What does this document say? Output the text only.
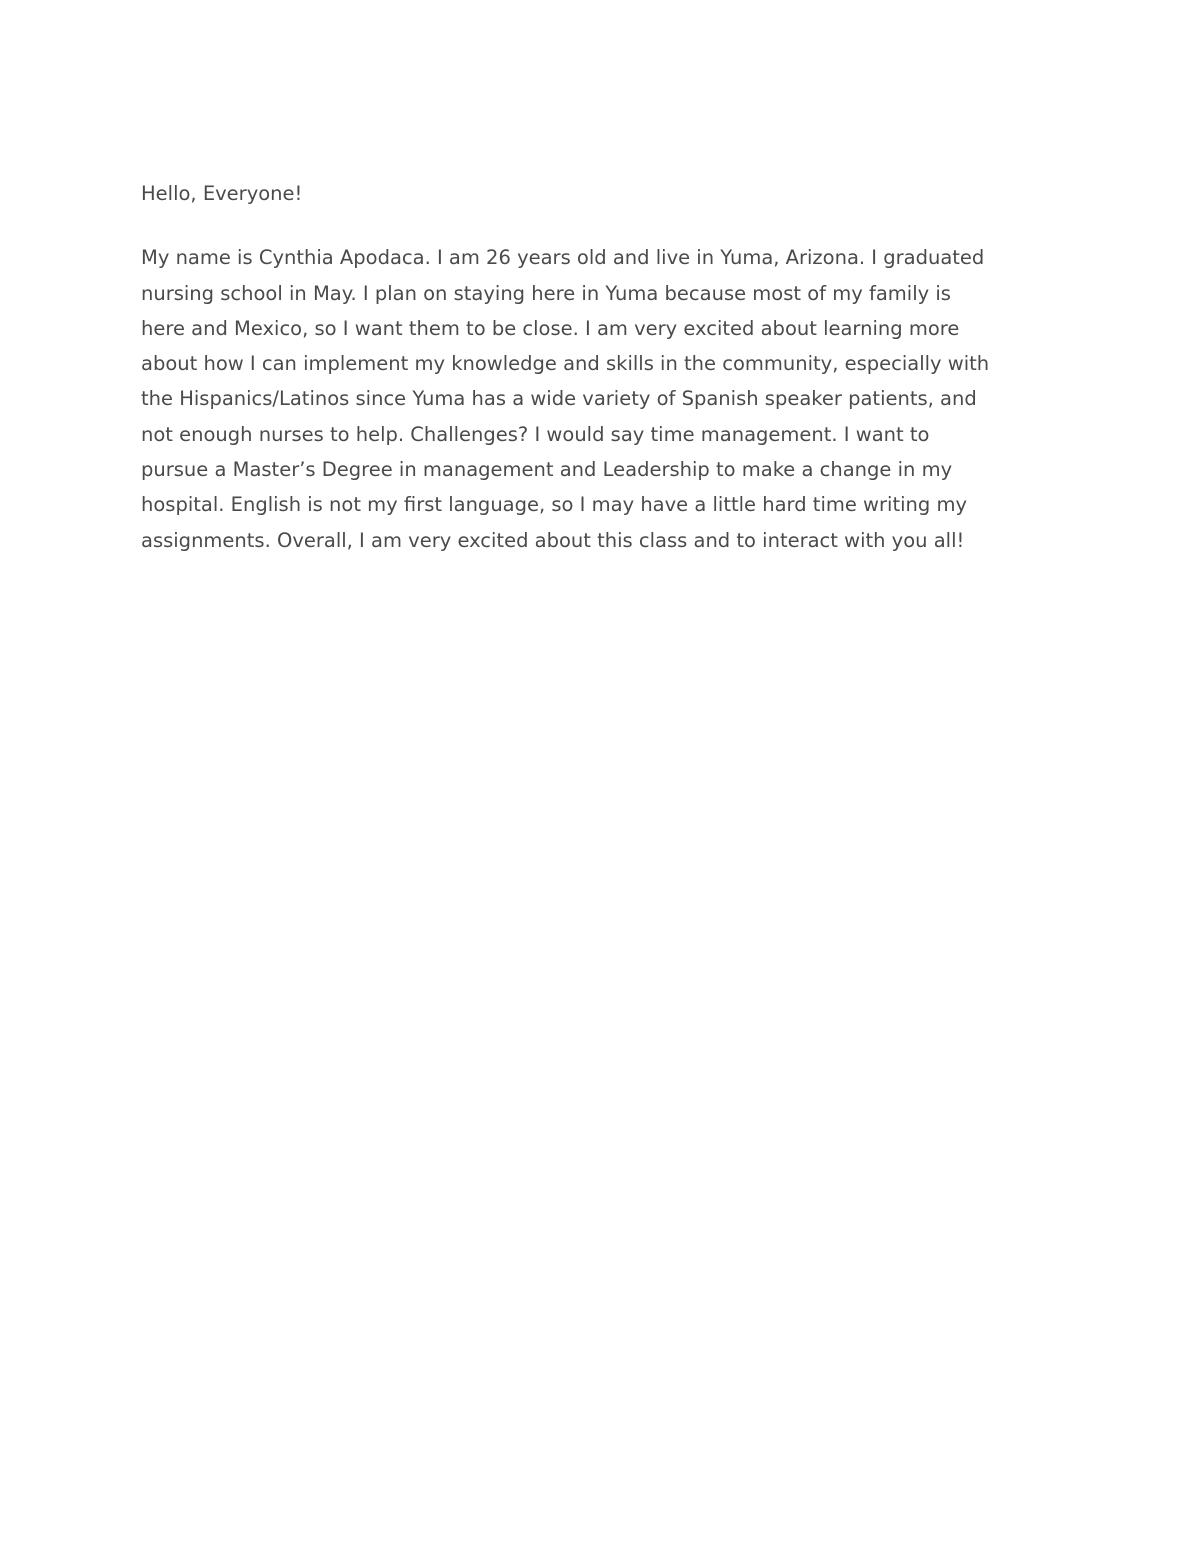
Hello, Everyone!
My name is Cynthia Apodaca. I am 26 years old and live in Yuma, Arizona. I graduated
nursing school in May. I plan on staying here in Yuma because most of my family is
here and Mexico, so I want them to be close. I am very excited about learning more
about how I can implement my knowledge and skills in the community, especially with
the Hispanics/Latinos since Yuma has a wide variety of Spanish speaker patients, and
not enough nurses to help. Challenges? I would say time management. I want to
pursue a Master’s Degree in management and Leadership to make a change in my
hospital. English is not my first language, so I may have a little hard time writing my
assignments. Overall, I am very excited about this class and to interact with you all!
